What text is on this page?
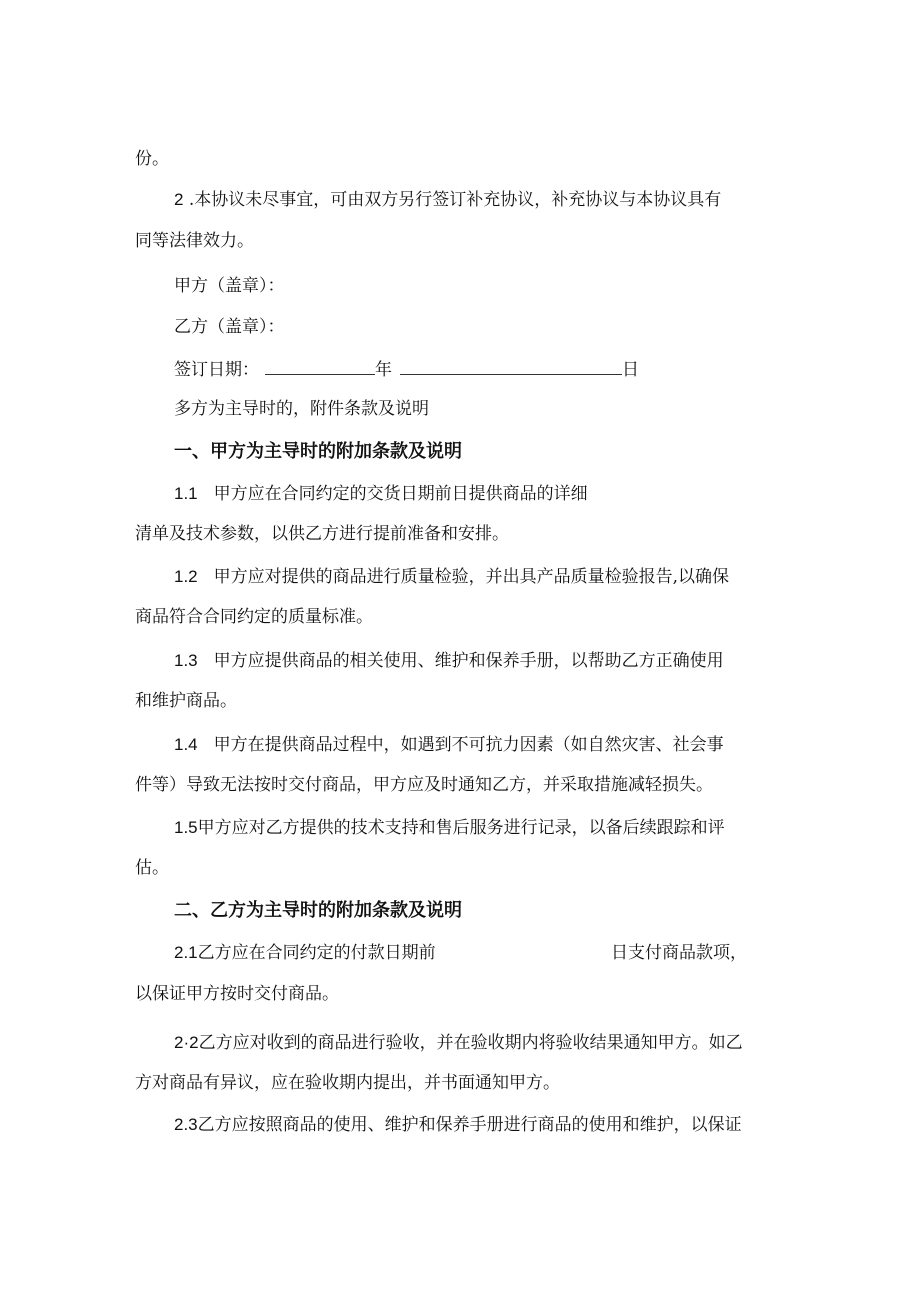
份。
2 .本协议未尽事宜，可由双方另行签订补充协议，补充协议与本协议具有
同等法律效力。
甲方（盖章）：
乙方（盖章）：
签订日期：	年	日
多方为主导时的，附件条款及说明
一、甲方为主导时的附加条款及说明
1.1 甲方应在合同约定的交货日期前日提供商品的详细
清单及技术参数，以供乙方进行提前准备和安排。
1.2 甲方应对提供的商品进行质量检验，并出具产品质量检验报告,以确保
商品符合合同约定的质量标准。
1.3 甲方应提供商品的相关使用、维护和保养手册，以帮助乙方正确使用
和维护商品。
1.4 甲方在提供商品过程中，如遇到不可抗力因素（如自然灾害、社会事
件等）导致无法按时交付商品，甲方应及时通知乙方，并采取措施减轻损失。
1.5甲方应对乙方提供的技术支持和售后服务进行记录，以备后续跟踪和评
估。
二、乙方为主导时的附加条款及说明
2.1乙方应在合同约定的付款日期前	日支付商品款项，
以保证甲方按时交付商品。
2·2乙方应对收到的商品进行验收，并在验收期内将验收结果通知甲方。如乙
方对商品有异议，应在验收期内提出，并书面通知甲方。
2.3乙方应按照商品的使用、维护和保养手册进行商品的使用和维护，以保证
